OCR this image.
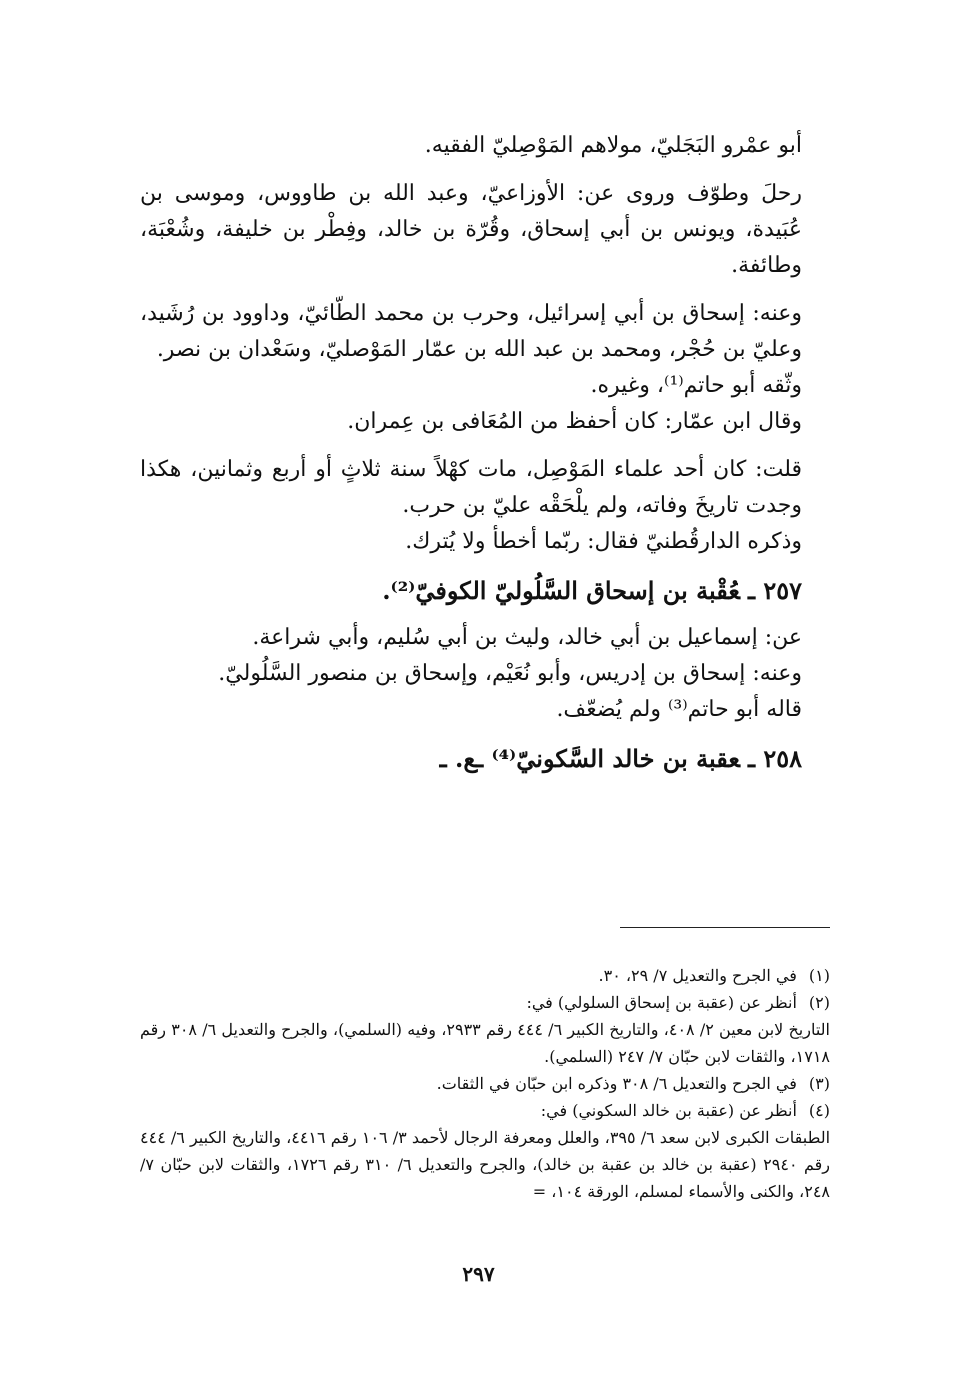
أبو عمْرو البَجَليّ، مولاهم المَوْصِليّ الفقيه.

رحلَ وطوّف وروى عن: الأوزاعيّ، وعبد الله بن طاووس، وموسى بن عُبَيدة، ويونس بن أبي إسحاق، وقُرّة بن خالد، وفِطْر بن خليفة، وشُعْبَة، وطائفة.

وعنه: إسحاق بن أبي إسرائيل، وحرب بن محمد الطّائيّ، وداوود بن رُشَيد، وعليّ بن حُجْر، ومحمد بن عبد الله بن عمّار المَوْصليّ، وسَعْدان بن نصر.

وثّقه أبو حاتم⁽¹⁾، وغيره.

وقال ابن عمّار: كان أحفظ من المُعَافى بن عِمران.

قلت: كان أحد علماء المَوْصِل، مات كهْلاً سنة ثلاثٍ أو أربع وثمانين، هكذا وجدت تاريخَ وفاته، ولم يلْحَقْه عليّ بن حرب.

وذكره الدارقُطنيّ فقال: ربّما أخطأ ولا يُترك.

٢٥٧ ـعُقْبة بن إسحاق السَّلُوليّ الكوفيّ⁽²⁾.

عن: إسماعيل بن أبي خالد، وليث بن أبي سُليم، وأبي شراعة.

وعنه: إسحاق بن إدريس، وأبو نُعَيْم، وإسحاق بن منصور السَّلُوليّ.

قاله أبو حاتم⁽³⁾ ولم يُضعّف.

٢٥٨ ـعقبة بن خالد السَّكونيّ⁽⁴⁾ ـع. ـ

(١) في الجرح والتعديل ٧/ ٢٩، ٣٠.

(٢) أنظر عن (عقبة بن إسحاق السلولي) في:

التاريخ لابن معين ٢/ ٤٠٨، والتاريخ الكبير ٦/ ٤٤٤ رقم ٢٩٣٣، وفيه (السلمي)، والجرح والتعديل ٦/ ٣٠٨ رقم ١٧١٨، والثقات لابن حبّان ٧/ ٢٤٧ (السلمي).

(٣) في الجرح والتعديل ٦/ ٣٠٨ وذكره ابن حبّان في الثقات.

(٤) أنظر عن (عقبة بن خالد السكوني) في:

الطبقات الكبرى لابن سعد ٦/ ٣٩٥، والعلل ومعرفة الرجال لأحمد ٣/ ١٠٦ رقم ٤٤١٦، والتاريخ الكبير ٦/ ٤٤٤ رقم ٢٩٤٠ (عقبة بن خالد بن عقبة بن خالد)، والجرح والتعديل ٦/ ٣١٠ رقم ١٧٢٦، والثقات لابن حبّان ٧/ ٢٤٨، والكنى والأسماء لمسلم، الورقة ١٠٤، =

٢٩٧
